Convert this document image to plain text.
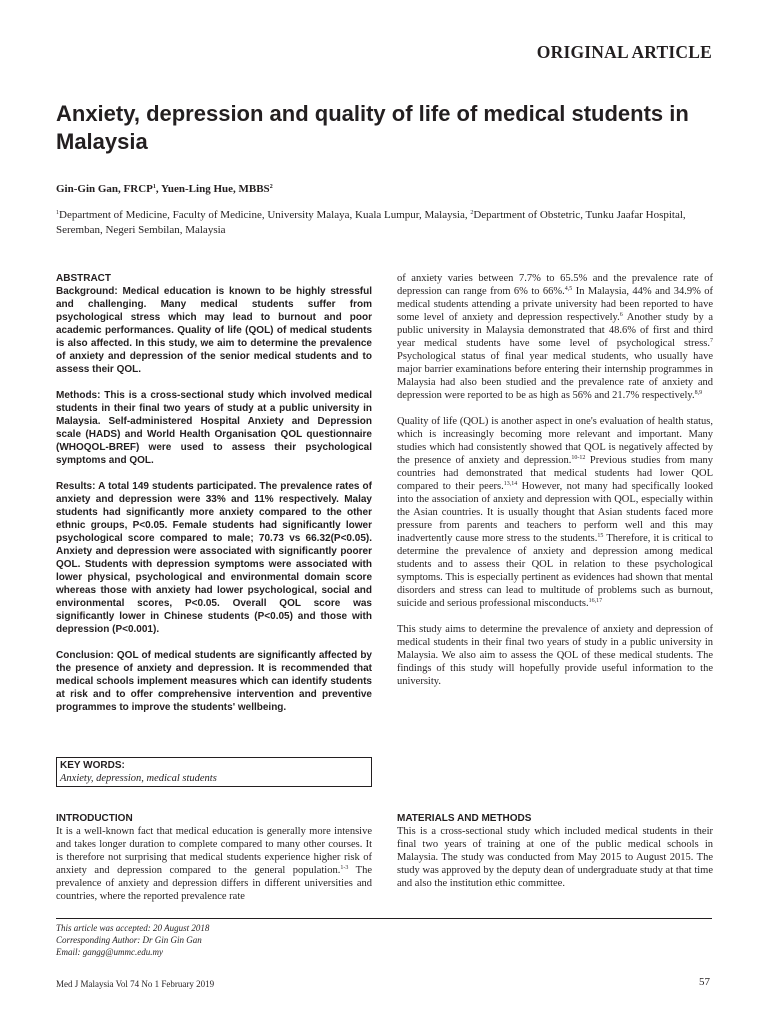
ORIGINAL ARTICLE
Anxiety, depression and quality of life of medical students in Malaysia
Gin-Gin Gan, FRCP$^1$, Yuen-Ling Hue, MBBS$^2$
$^1$Department of Medicine, Faculty of Medicine, University Malaya, Kuala Lumpur, Malaysia, $^2$Department of Obstetric, Tunku Jaafar Hospital, Seremban, Negeri Sembilan, Malaysia
ABSTRACT

Background: Medical education is known to be highly stressful and challenging. Many medical students suffer from psychological stress which may lead to burnout and poor academic performances. Quality of life (QOL) of medical students is also affected. In this study, we aim to determine the prevalence of anxiety and depression of the senior medical students and to assess their QOL.

Methods: This is a cross-sectional study which involved medical students in their final two years of study at a public university in Malaysia. Self-administered Hospital Anxiety and Depression scale (HADS) and World Health Organisation QOL questionnaire (WHOQOL-BREF) were used to assess their psychological symptoms and QOL.

Results: A total 149 students participated. The prevalence rates of anxiety and depression were 33% and 11% respectively. Malay students had significantly more anxiety compared to the other ethnic groups, P<0.05. Female students had significantly lower psychological score compared to male; 70.73 vs 66.32(P<0.05). Anxiety and depression were associated with significantly poorer QOL. Students with depression symptoms were associated with lower physical, psychological and environmental domain score whereas those with anxiety had lower psychological, social and environmental scores, P<0.05. Overall QOL score was significantly lower in Chinese students (P<0.05) and those with depression (P<0.001).

Conclusion: QOL of medical students are significantly affected by the presence of anxiety and depression. It is recommended that medical schools implement measures which can identify students at risk and to offer comprehensive intervention and preventive programmes to improve the students' wellbeing.

KEY WORDS:
Anxiety, depression, medical students
INTRODUCTION
It is a well-known fact that medical education is generally more intensive and takes longer duration to complete compared to many other courses. It is therefore not surprising that medical students experience higher risk of anxiety and depression compared to the general population.$^{1-3}$ The prevalence of anxiety and depression differs in different universities and countries, where the reported prevalence rate
of anxiety varies between 7.7% to 65.5% and the prevalence rate of depression can range from 6% to 66%.$^{4,5}$ In Malaysia, 44% and 34.9% of medical students attending a private university had been reported to have some level of anxiety and depression respectively.$^6$ Another study by a public university in Malaysia demonstrated that 48.6% of first and third year medical students have some level of psychological stress.$^7$ Psychological status of final year medical students, who usually have major barrier examinations before entering their internship programmes in Malaysia had also been studied and the prevalence rate of anxiety and depression were reported to be as high as 56% and 21.7% respectively.$^{8,9}$
Quality of life (QOL) is another aspect in one's evaluation of health status, which is increasingly becoming more relevant and important. Many studies which had consistently showed that QOL is negatively affected by the presence of anxiety and depression.$^{10-12}$ Previous studies from many countries had demonstrated that medical students had lower QOL compared to their peers.$^{13,14}$ However, not many had specifically looked into the association of anxiety and depression with QOL, especially within the Asian countries. It is usually thought that Asian students faced more pressure from parents and teachers to perform well and this may inadvertently cause more stress to the students.$^{15}$ Therefore, it is critical to determine the prevalence of anxiety and depression among medical students and to assess their QOL in relation to these psychological symptoms. This is especially pertinent as evidences had shown that mental disorders and stress can lead to multitude of problems such as burnout, suicide and serious professional misconducts.$^{16,17}$
This study aims to determine the prevalence of anxiety and depression of medical students in their final two years of study in a public university in Malaysia. We also aim to assess the QOL of these medical students. The findings of this study will hopefully provide useful information to the university.
MATERIALS AND METHODS
This is a cross-sectional study which included medical students in their final two years of training at one of the public medical schools in Malaysia. The study was conducted from May 2015 to August 2015. The study was approved by the deputy dean of undergraduate study at that time and also the institution ethic committee.
This article was accepted: 20 August 2018
Corresponding Author: Dr Gin Gin Gan
Email: gangg@ummc.edu.my
Med J Malaysia Vol 74 No 1 February 2019	57
